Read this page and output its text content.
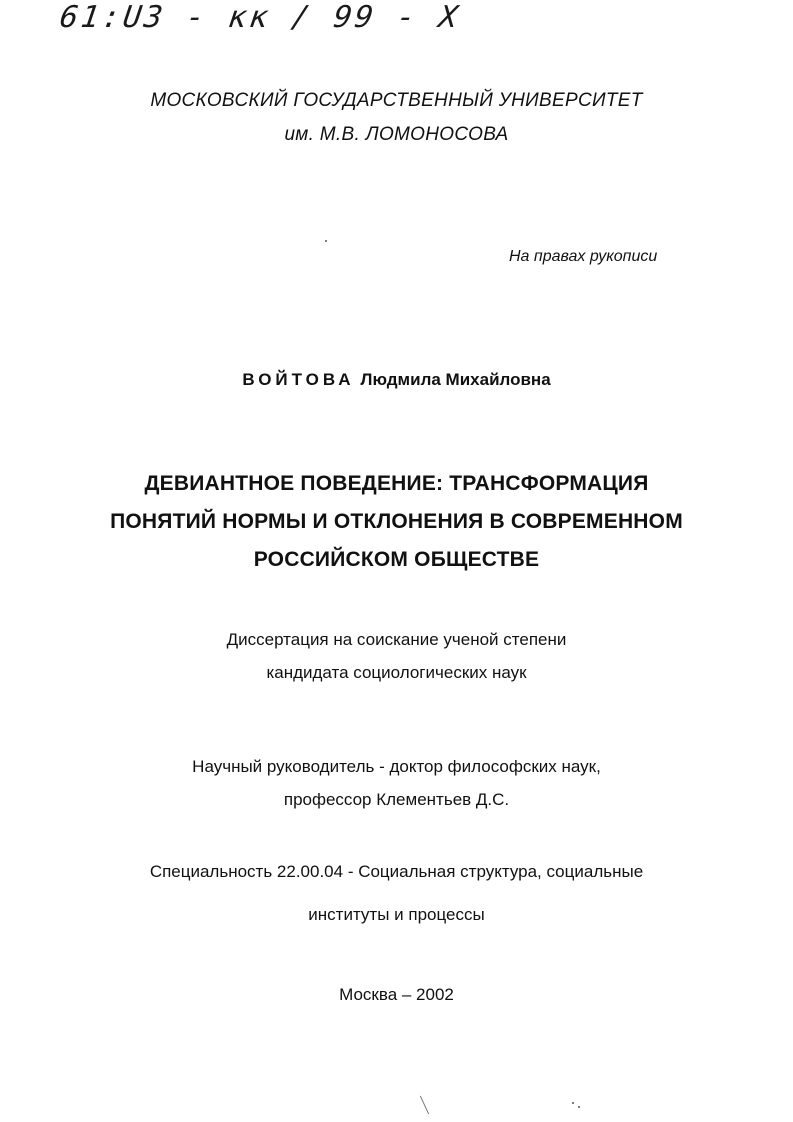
61:U3 - кк / 99 - Х
МОСКОВСКИЙ ГОСУДАРСТВЕННЫЙ УНИВЕРСИТЕТ
им. М.В. ЛОМОНОСОВА
На правах рукописи
ВОЙТОВА Людмила Михайловна
ДЕВИАНТНОЕ ПОВЕДЕНИЕ: ТРАНСФОРМАЦИЯ
ПОНЯТИЙ НОРМЫ И ОТКЛОНЕНИЯ В СОВРЕМЕННОМ
РОССИЙСКОМ ОБЩЕСТВЕ
Диссертация на соискание ученой степени
кандидата социологических наук
Научный руководитель - доктор философских наук,
профессор Клементьев Д.С.
Специальность 22.00.04 - Социальная структура, социальные
институты и процессы
Москва – 2002
